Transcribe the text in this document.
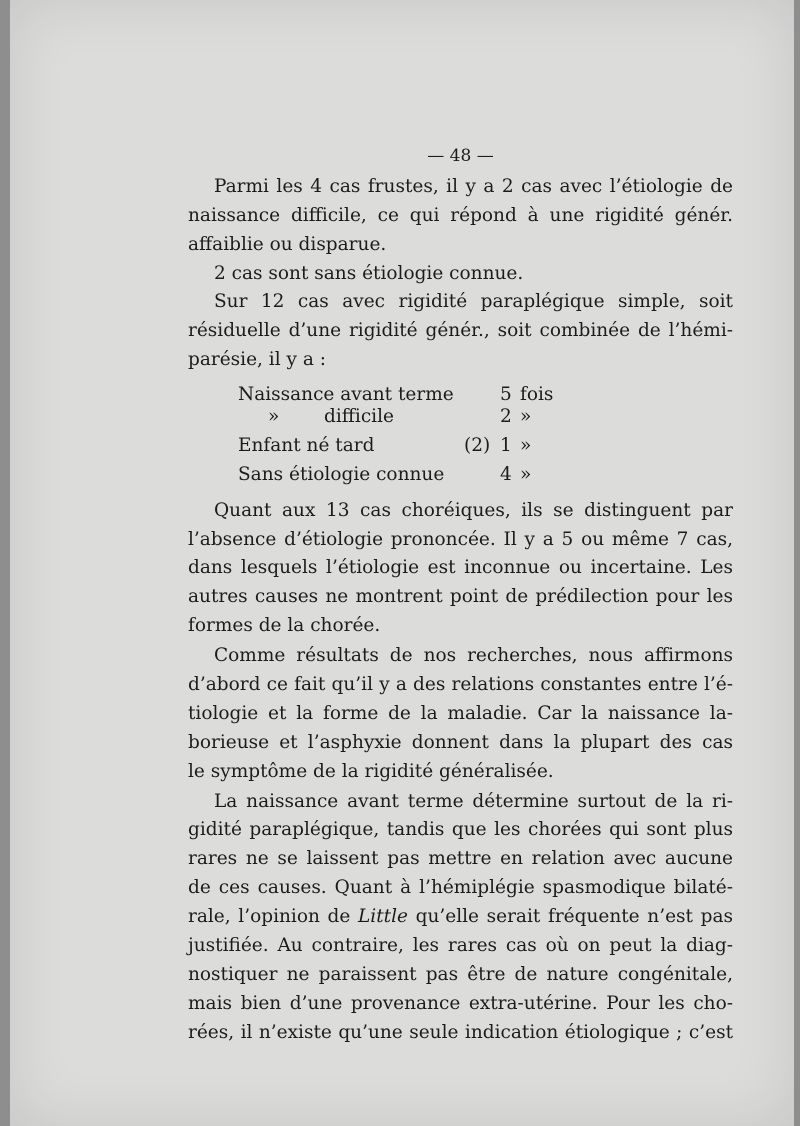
— 48 —
Parmi les 4 cas frustes, il y a 2 cas avec l’étiologie de
naissance difficile, ce qui répond à une rigidité génér.
affaiblie ou disparue.
2 cas sont sans étiologie connue.
Sur 12 cas avec rigidité paraplégique simple, soit
résiduelle d’une rigidité génér., soit combinée de l’hémi-
parésie, il y a :
Naissance avant terme	5 fois
» difficile	2 »
Enfant né tard	(2) 1 »
Sans étiologie connue	4 »
Quant aux 13 cas choréiques, ils se distinguent par
l’absence d’étiologie prononcée. Il y a 5 ou même 7 cas,
dans lesquels l’étiologie est inconnue ou incertaine. Les
autres causes ne montrent point de prédilection pour les
formes de la chorée.
Comme résultats de nos recherches, nous affirmons
d’abord ce fait qu’il y a des relations constantes entre l’é-
tiologie et la forme de la maladie. Car la naissance la-
borieuse et l’asphyxie donnent dans la plupart des cas
le symptôme de la rigidité généralisée.
La naissance avant terme détermine surtout de la ri-
gidité paraplégique, tandis que les chorées qui sont plus
rares ne se laissent pas mettre en relation avec aucune
de ces causes. Quant à l’hémiplégie spasmodique bilaté-
rale, l’opinion de Little qu’elle serait fréquente n’est pas
justifiée. Au contraire, les rares cas où on peut la diag-
nostiquer ne paraissent pas être de nature congénitale,
mais bien d’une provenance extra-utérine. Pour les cho-
rées, il n’existe qu’une seule indication étiologique ; c’est
